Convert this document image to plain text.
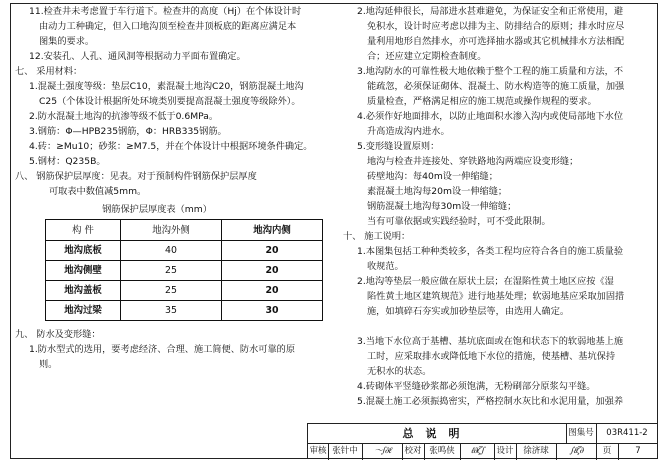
11.检查井未考虑置于车行道下。检查井的高度（Hj）在个体设计时
由动力工种确定，但入口地沟顶至检查井顶板底的距离应满足本
图集的要求。
12.安装孔、人孔、通风洞等根据动力平面布置确定。
七、 采用材料：
1.混凝土强度等级：垫层C10，素混凝土地沟C20，钢筋混凝土地沟
C25（个体设计根据所处环境类别要提高混凝土强度等级除外）。
2.防水混凝土地沟的抗渗等级不低于0.6MPa。
3.钢筋：Φ—HPB235钢筋，Φ：HRB335钢筋。
4.砖：≥Mu10；砂浆：≥M7.5，并在个体设计中根据环境条件确定。
5.钢材：Q235B。
八、 钢筋保护层厚度：见表。对于预制构件钢筋保护层厚度
可取表中数值减5mm。
钢筋保护层厚度表（mm）
构 件	地沟外侧	地沟内侧
地沟底板	40	20
地沟侧壁	25	20
地沟盖板	25	20
地沟过梁	35	30
九、 防水及变形缝：
1.防水型式的选用，要考虑经济、合理、施工简便、防水可靠的原
则。
2.地沟延伸很长，局部进水甚难避免，为保证安全和正常使用，避
免积水，设计时应考虑以排为主、防排结合的原则；排水时应尽
量利用地形自然排水，亦可选择抽水器或其它机械排水方法相配
合；还应建立定期检查制度。
3.地沟防水的可靠性极大地依赖于整个工程的施工质量和方法，不
能疏忽，必须保证砌体、混凝土、防水构造等的施工质量，加强
质量检查，严格满足相应的施工规范或操作规程的要求。
4.必须作好地面排水，以防止地面积水渗入沟内或使局部地下水位
升高造成沟内进水。
5.变形缝设置原则：
地沟与检查井连接处、穿铁路地沟两端应设变形缝；
砖壁地沟：每40m设一伸缩缝；
素混凝土地沟每20m设一伸缩缝；
钢筋混凝土地沟每30m设一伸缩缝；
当有可靠依据或实践经验时，可不受此限制。
十、 施工说明：
1.本图集包括工种种类较多，各类工程均应符合各自的施工质量验
收规范。
2.地沟等垫层一般应做在原状土层；在湿陷性黄土地区应按《湿
陷性黄土地区建筑规范》进行地基处理；软弱地基应采取加固措
施，如填碎石夯实或加砂垫层等，由选用人确定。

3.当地下水位高于基槽、基坑底面或在饱和状态下的软弱地基上施
工时，应采取排水或降低地下水位的措施，使基槽、基坑保持
无积水的状态。
4.砖砌体平竖缝砂浆都必须饱满，无粉刷部分原浆勾平缝。
5.混凝土施工必须振捣密实，严格控制水灰比和水泥用量，加强养
总说明	图集号	03R411-2
审核 张针中	～∫∂ℓ	校对 张鸣侠	ℓ∂ζ∫	设计	徐济球	∫ℓζ∂	页	7
